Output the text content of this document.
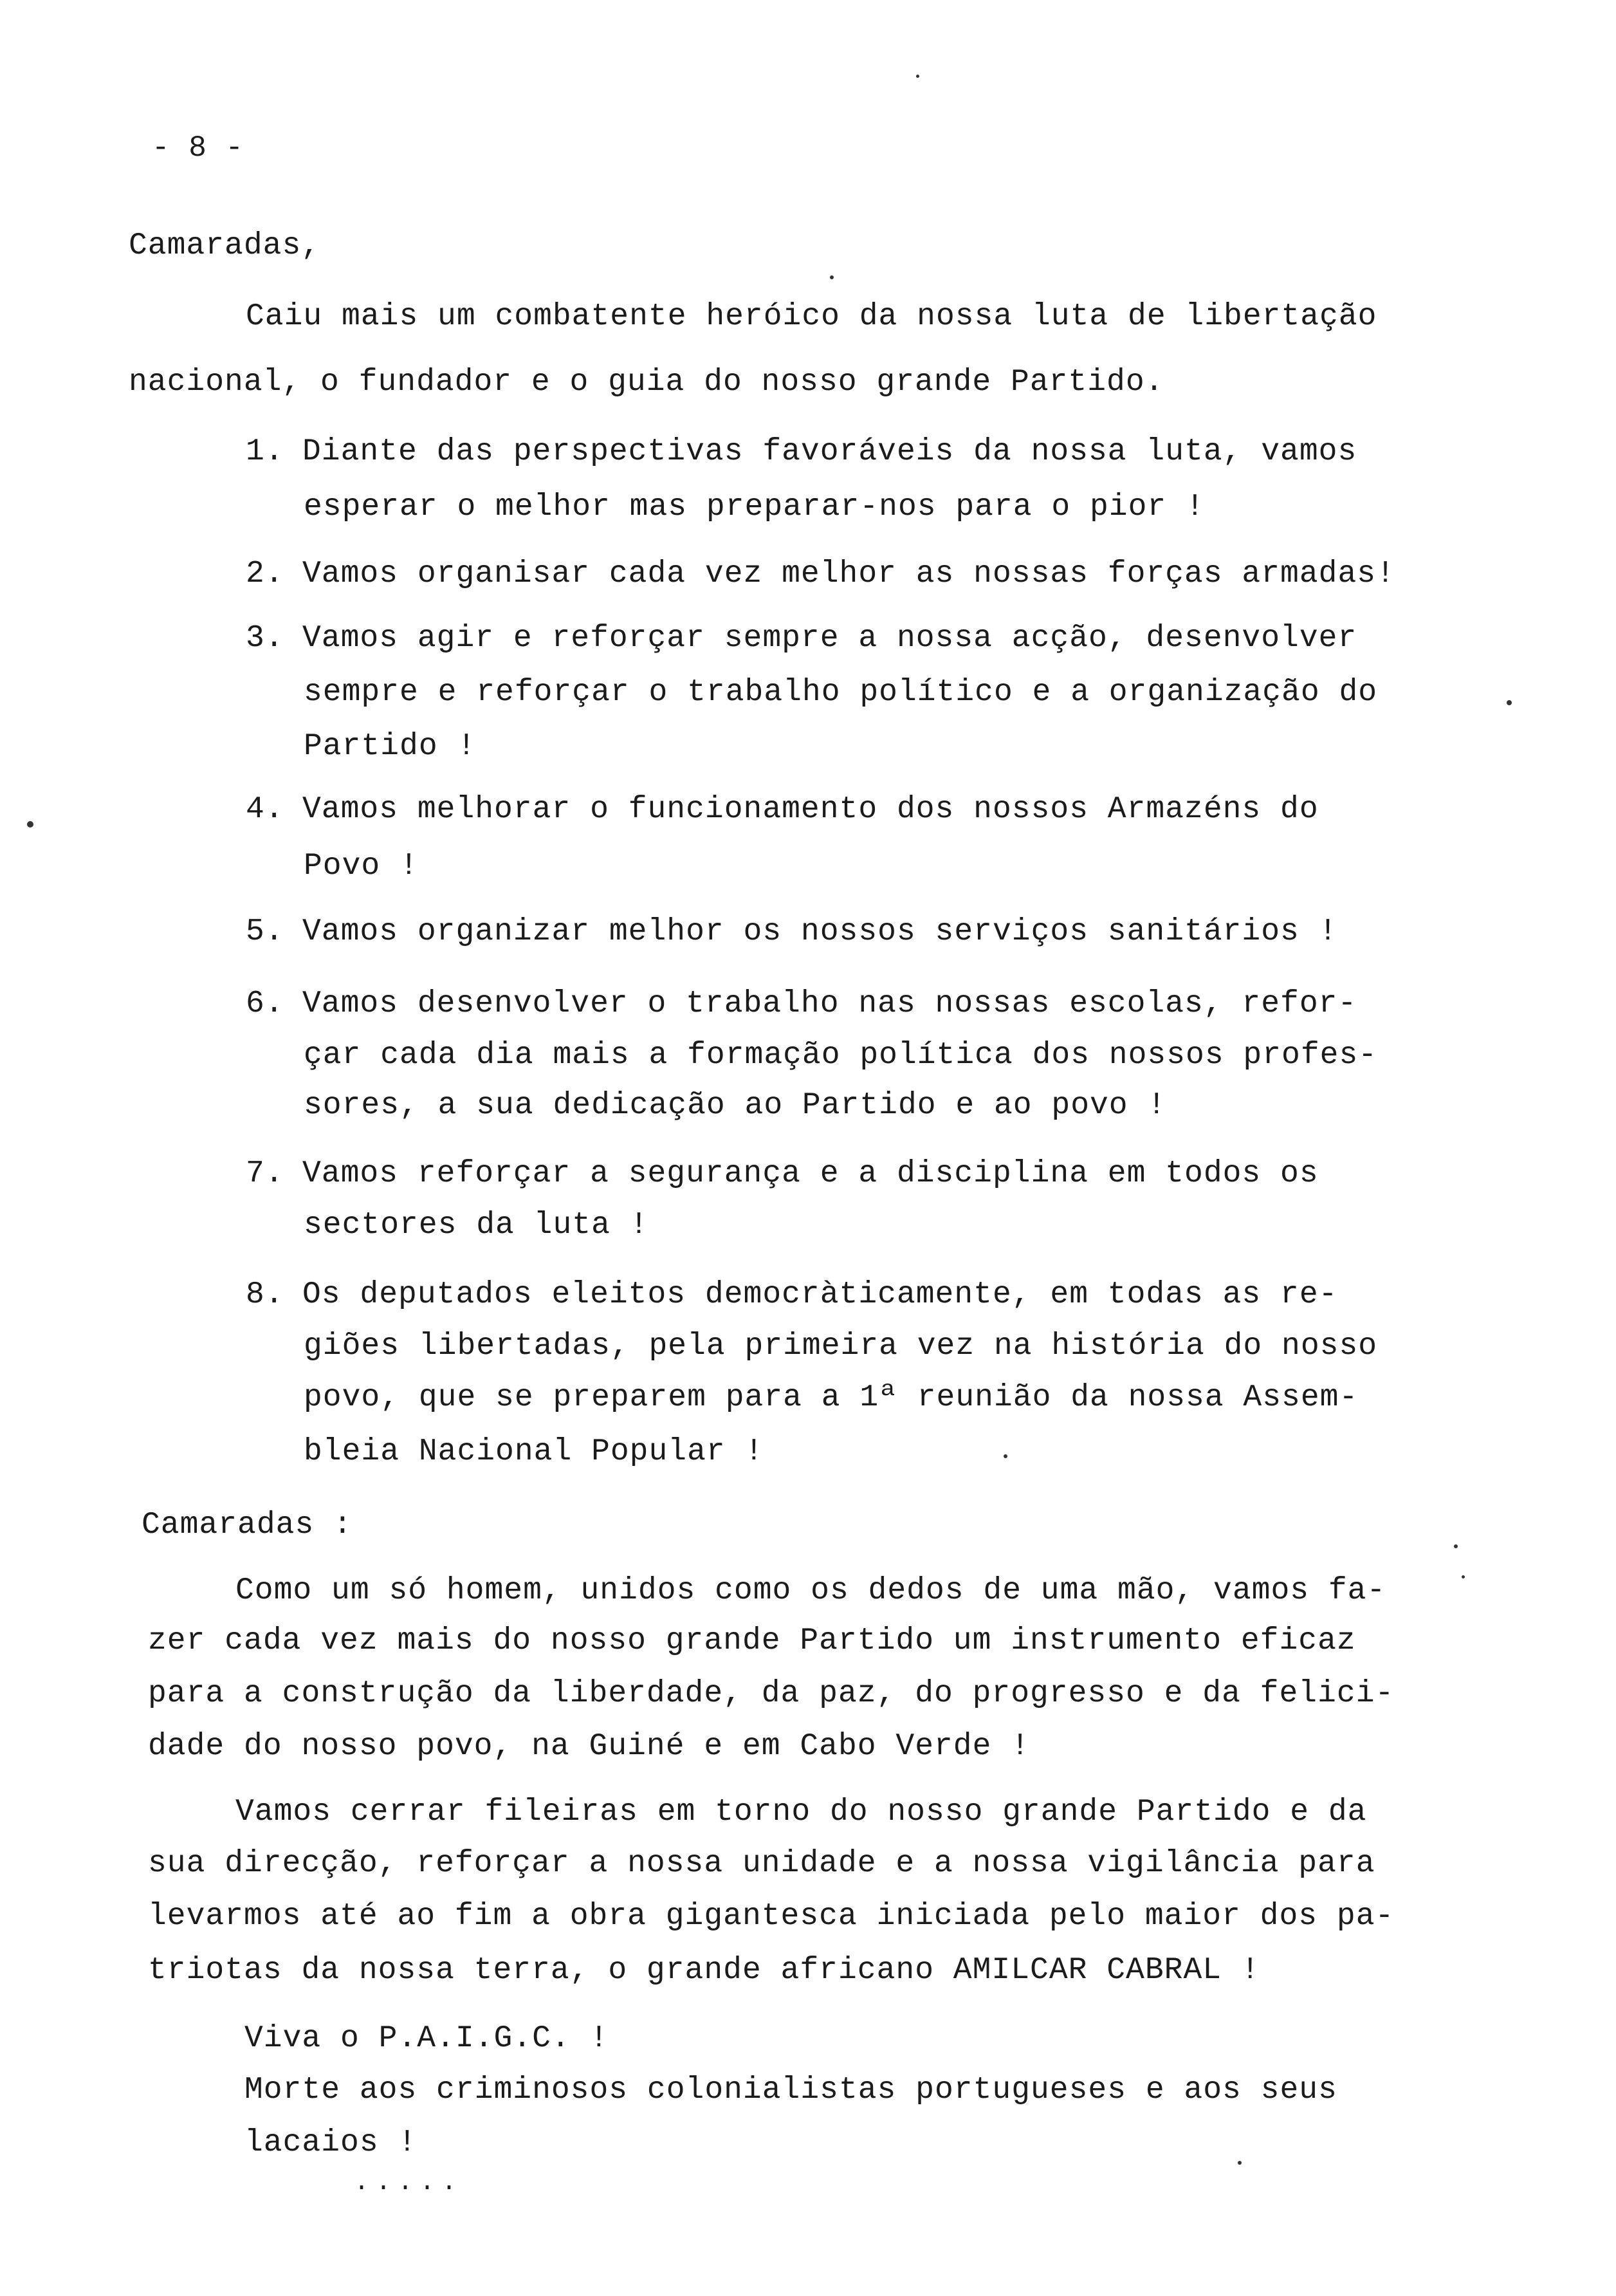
- 8 -
Camaradas,
Caiu mais um combatente heróico da nossa luta de libertação
nacional, o fundador e o guia do nosso grande Partido.
1. Diante das perspectivas favoráveis da nossa luta, vamos
esperar o melhor mas preparar-nos para o pior !
2. Vamos organisar cada vez melhor as nossas forças armadas!
3. Vamos agir e reforçar sempre a nossa acção, desenvolver
sempre e reforçar o trabalho político e a organização do
Partido !
4. Vamos melhorar o funcionamento dos nossos Armazéns do
Povo !
5. Vamos organizar melhor os nossos serviços sanitários !
6. Vamos desenvolver o trabalho nas nossas escolas, refor-
çar cada dia mais a formação política dos nossos profes-
sores, a sua dedicação ao Partido e ao povo !
7. Vamos reforçar a segurança e a disciplina em todos os
sectores da luta !
8. Os deputados eleitos democràticamente, em todas as re-
giões libertadas, pela primeira vez na história do nosso
povo, que se preparem para a 1ª reunião da nossa Assem-
bleia Nacional Popular !
Camaradas :
Como um só homem, unidos como os dedos de uma mão, vamos fa-
zer cada vez mais do nosso grande Partido um instrumento eficaz
para a construção da liberdade, da paz, do progresso e da felici-
dade do nosso povo, na Guiné e em Cabo Verde !
Vamos cerrar fileiras em torno do nosso grande Partido e da
sua direcção, reforçar a nossa unidade e a nossa vigilância para
levarmos até ao fim a obra gigantesca iniciada pelo maior dos pa-
triotas da nossa terra, o grande africano AMILCAR CABRAL !
Viva o P.A.I.G.C. !
Morte aos criminosos colonialistas portugueses e aos seus
lacaios !
.....
